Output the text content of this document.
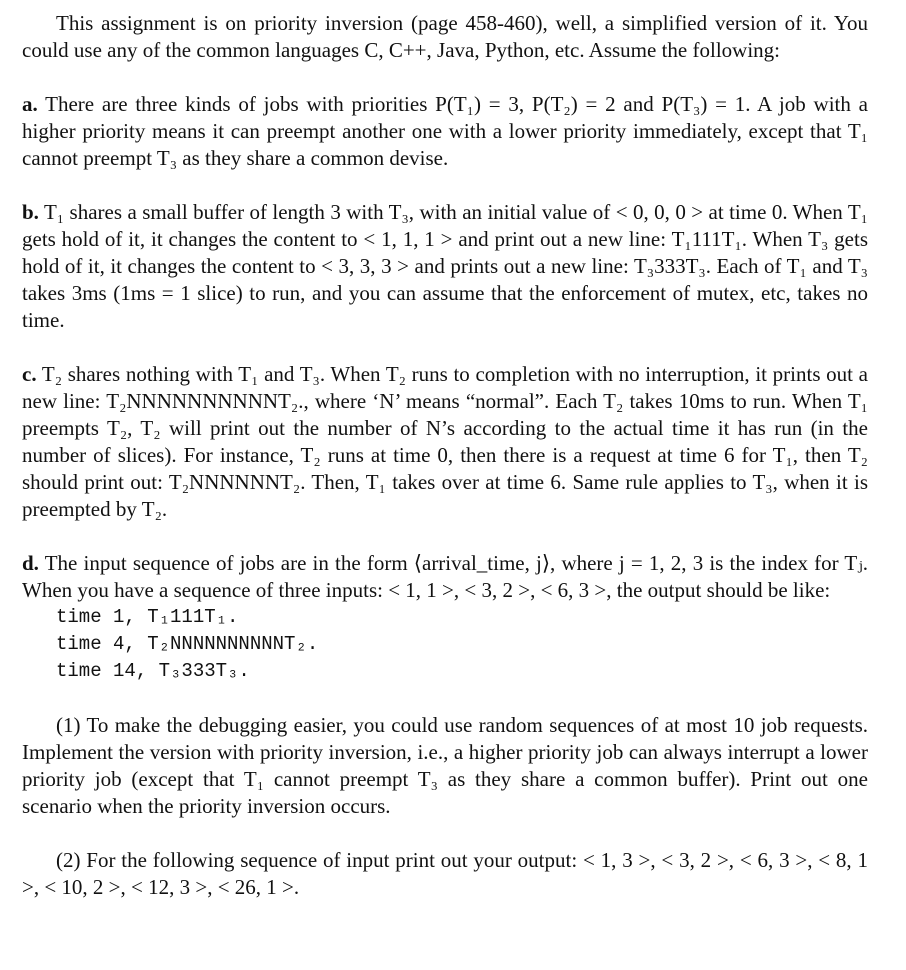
This assignment is on priority inversion (page 458-460), well, a simplified version of it. You could use any of the common languages C, C++, Java, Python, etc. Assume the following:

a. There are three kinds of jobs with priorities P(T₁) = 3, P(T₂) = 2 and P(T₃) = 1. A job with a higher priority means it can preempt another one with a lower priority immediately, except that T₁ cannot preempt T₃ as they share a common devise.

b. T₁ shares a small buffer of length 3 with T₃, with an initial value of < 0, 0, 0 > at time 0. When T₁ gets hold of it, it changes the content to < 1, 1, 1 > and print out a new line: T₁111T₁. When T₃ gets hold of it, it changes the content to < 3, 3, 3 > and prints out a new line: T₃333T₃. Each of T₁ and T₃ takes 3ms (1ms = 1 slice) to run, and you can assume that the enforcement of mutex, etc, takes no time.

c. T₂ shares nothing with T₁ and T₃. When T₂ runs to completion with no interruption, it prints out a new line: T₂NNNNNNNNNNT₂., where ‘N’ means “normal”. Each T₂ takes 10ms to run. When T₁ preempts T₂, T₂ will print out the number of N’s according to the actual time it has run (in the number of slices). For instance, T₂ runs at time 0, then there is a request at time 6 for T₁, then T₂ should print out: T₂NNNNNNT₂. Then, T₁ takes over at time 6. Same rule applies to T₃, when it is preempted by T₂.

d. The input sequence of jobs are in the form ⟨arrival_time, j⟩, where j = 1, 2, 3 is the index for Tⱼ. When you have a sequence of three inputs: < 1, 1 >, < 3, 2 >, < 6, 3 >, the output should be like:

time 1, T₁111T₁.
time 4, T₂NNNNNNNNNNT₂.
time 14, T₃333T₃.

(1) To make the debugging easier, you could use random sequences of at most 10 job requests. Implement the version with priority inversion, i.e., a higher priority job can always interrupt a lower priority job (except that T₁ cannot preempt T₃ as they share a common buffer). Print out one scenario when the priority inversion occurs.

(2) For the following sequence of input print out your output: < 1, 3 >, < 3, 2 >, < 6, 3 >, < 8, 1 >, < 10, 2 >, < 12, 3 >, < 26, 1 >.
